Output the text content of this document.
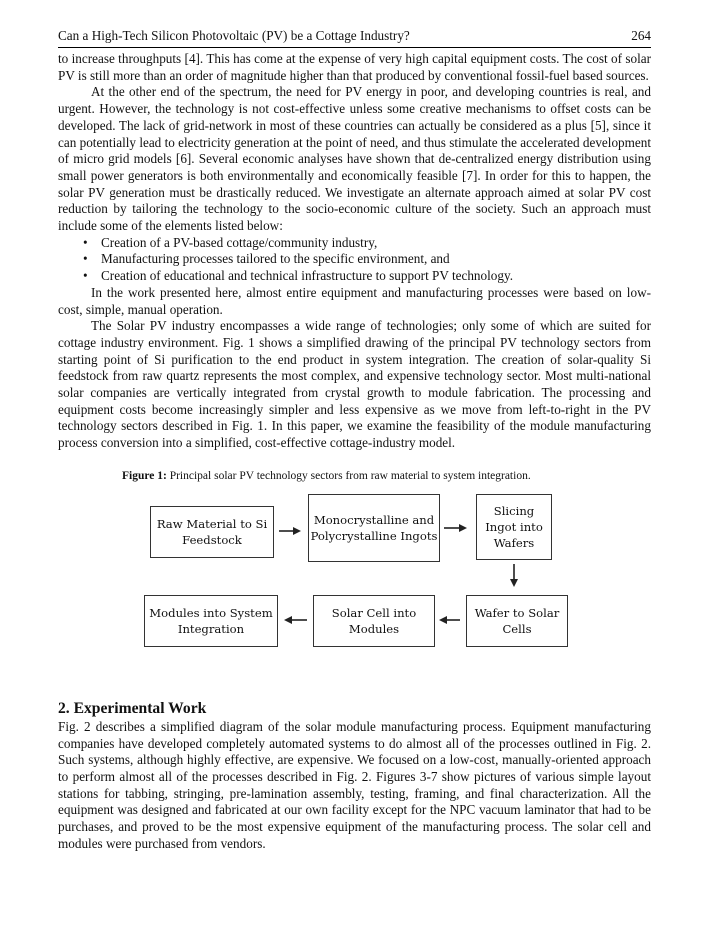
Can a High-Tech Silicon Photovoltaic (PV) be a Cottage Industry?	264

to increase throughputs [4]. This has come at the expense of very high capital equipment costs. The cost of solar PV is still more than an order of magnitude higher than that produced by conventional fossil-fuel based sources.

At the other end of the spectrum, the need for PV energy in poor, and developing countries is real, and urgent. However, the technology is not cost-effective unless some creative mechanisms to offset costs can be developed. The lack of grid-network in most of these countries can actually be considered as a plus [5], since it can potentially lead to electricity generation at the point of need, and thus stimulate the accelerated development of micro grid models [6]. Several economic analyses have shown that de-centralized energy distribution using small power generators is both environmentally and economically feasible [7]. In order for this to happen, the solar PV generation must be drastically reduced. We investigate an alternate approach aimed at solar PV cost reduction by tailoring the technology to the socio-economic culture of the society. Such an approach must include some of the elements listed below:

• Creation of a PV-based cottage/community industry,
• Manufacturing processes tailored to the specific environment, and
• Creation of educational and technical infrastructure to support PV technology.

In the work presented here, almost entire equipment and manufacturing processes were based on low-cost, simple, manual operation.

The Solar PV industry encompasses a wide range of technologies; only some of which are suited for cottage industry environment. Fig. 1 shows a simplified drawing of the principal PV technology sectors from starting point of Si purification to the end product in system integration. The creation of solar-quality Si feedstock from raw quartz represents the most complex, and expensive technology sector. Most multi-national solar companies are vertically integrated from crystal growth to module fabrication. The processing and equipment costs become increasingly simpler and less expensive as we move from left-to-right in the PV technology sectors described in Fig. 1. In this paper, we examine the feasibility of the module manufacturing process conversion into a simplified, cost-effective cottage-industry model.

Figure 1: Principal solar PV technology sectors from raw material to system integration.
Raw Material to Si Feedstock
Monocrystalline and Polycrystalline Ingots
Slicing Ingot into Wafers
Wafer to Solar Cells
Solar Cell into Modules
Modules into System Integration
2. Experimental Work

Fig. 2 describes a simplified diagram of the solar module manufacturing process. Equipment manufacturing companies have developed completely automated systems to do almost all of the processes outlined in Fig. 2. Such systems, although highly effective, are expensive. We focused on a low-cost, manually-oriented approach to perform almost all of the processes described in Fig. 2. Figures 3-7 show pictures of various simple layout stations for tabbing, stringing, pre-lamination assembly, testing, framing, and final characterization. All the equipment was designed and fabricated at our own facility except for the NPC vacuum laminator that had to be purchases, and proved to be the most expensive equipment of the manufacturing process. The solar cell and modules were purchased from vendors.
